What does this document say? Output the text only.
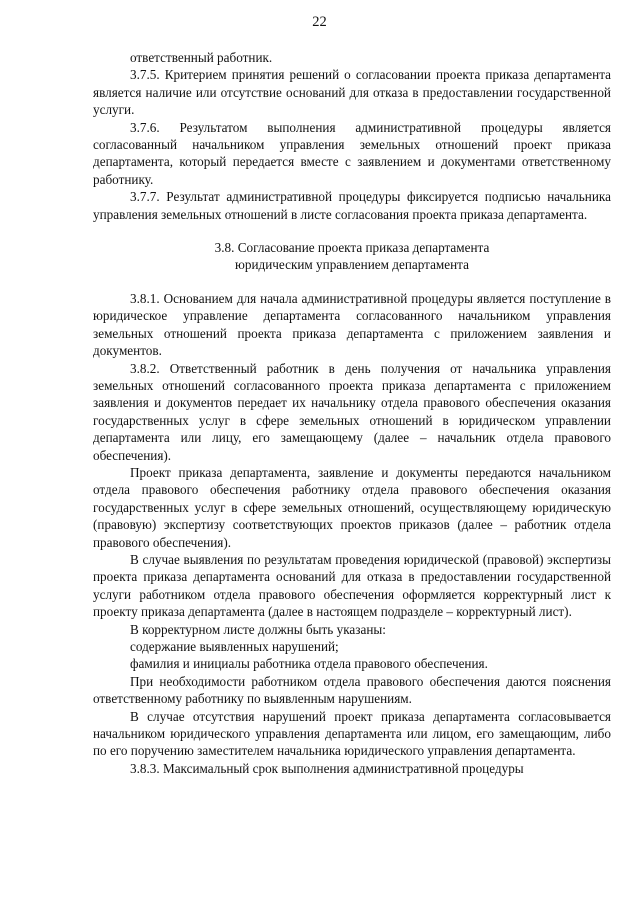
22

ответственный работник.

3.7.5. Критерием принятия решений о согласовании проекта приказа департамента является наличие или отсутствие оснований для отказа в предоставлении государственной услуги.

3.7.6. Результатом выполнения административной процедуры является согласованный начальником управления земельных отношений проект приказа департамента, который передается вместе с заявлением и документами ответственному работнику.

3.7.7. Результат административной процедуры фиксируется подписью начальника управления земельных отношений в листе согласования проекта приказа департамента.

3.8. Согласование проекта приказа департамента
юридическим управлением департамента

3.8.1. Основанием для начала административной процедуры является поступление в юридическое управление департамента согласованного начальником управления земельных отношений проекта приказа департамента с приложением заявления и документов.

3.8.2. Ответственный работник в день получения от начальника управления земельных отношений согласованного проекта приказа департамента с приложением заявления и документов передает их начальнику отдела правового обеспечения оказания государственных услуг в сфере земельных отношений в юридическом управлении департамента или лицу, его замещающему (далее – начальник отдела правового обеспечения).

Проект приказа департамента, заявление и документы передаются начальником отдела правового обеспечения работнику отдела правового обеспечения оказания государственных услуг в сфере земельных отношений, осуществляющему юридическую (правовую) экспертизу соответствующих проектов приказов (далее – работник отдела правового обеспечения).

В случае выявления по результатам проведения юридической (правовой) экспертизы проекта приказа департамента оснований для отказа в предоставлении государственной услуги работником отдела правового обеспечения оформляется корректурный лист к проекту приказа департамента (далее в настоящем подразделе – корректурный лист).

В корректурном листе должны быть указаны:

содержание выявленных нарушений;

фамилия и инициалы работника отдела правового обеспечения.

При необходимости работником отдела правового обеспечения даются пояснения ответственному работнику по выявленным нарушениям.

В случае отсутствия нарушений проект приказа департамента согласовывается начальником юридического управления департамента или лицом, его замещающим, либо по его поручению заместителем начальника юридического управления департамента.

3.8.3. Максимальный срок выполнения административной процедуры
